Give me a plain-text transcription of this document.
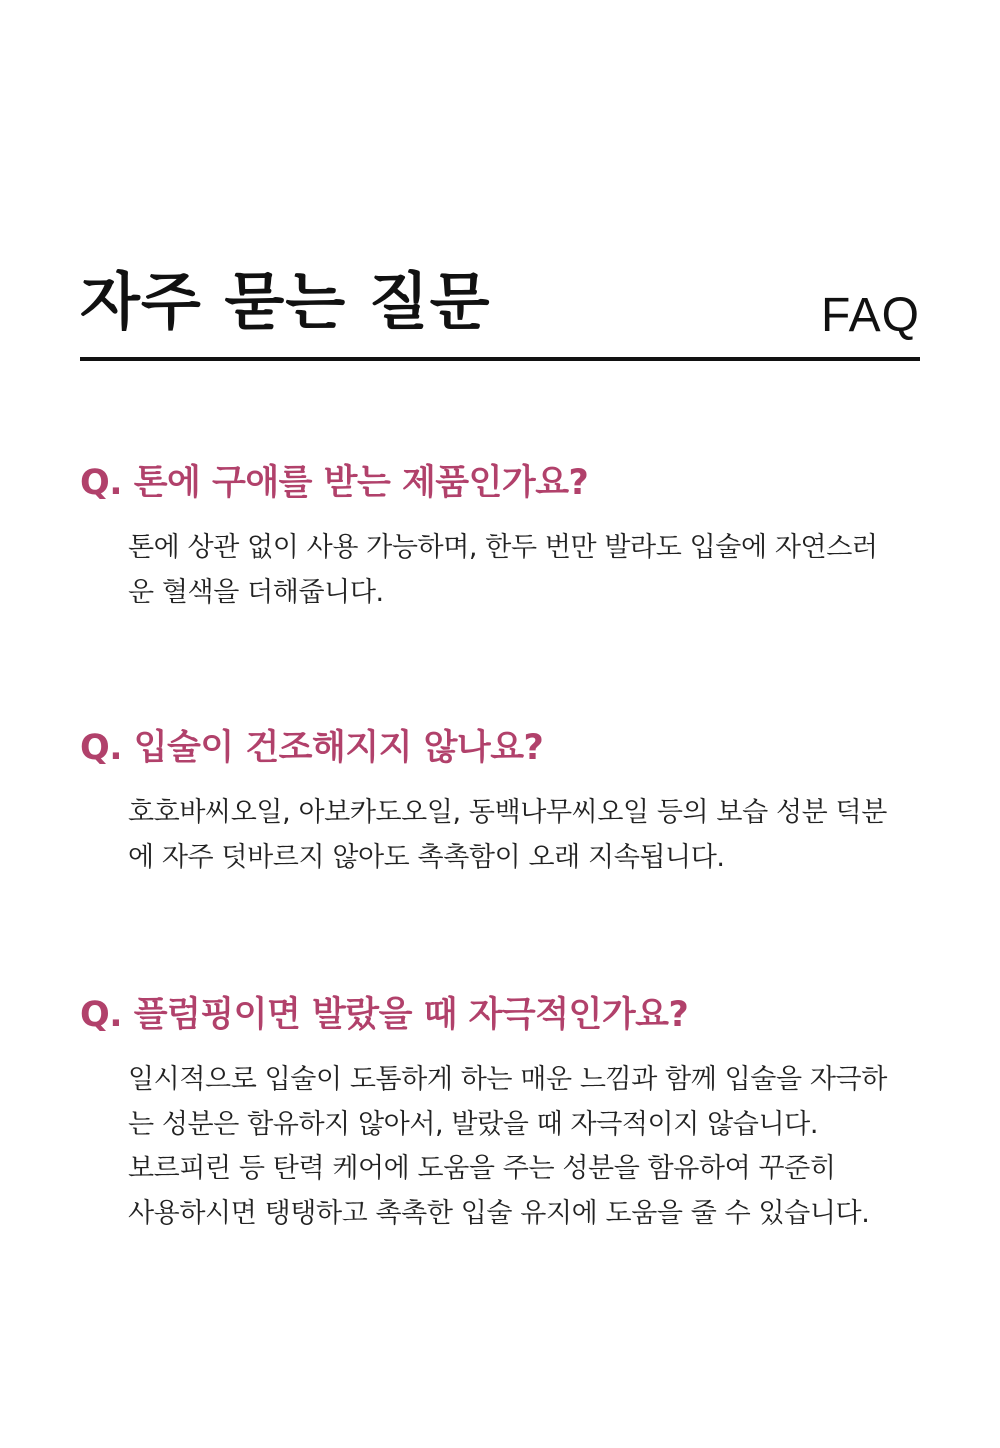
자주 묻는 질문	FAQ
Q. 톤에 구애를 받는 제품인가요?
톤에 상관 없이 사용 가능하며, 한두 번만 발라도 입술에 자연스러
운 혈색을 더해줍니다.
Q. 입술이 건조해지지 않나요?
호호바씨오일, 아보카도오일, 동백나무씨오일 등의 보습 성분 덕분
에 자주 덧바르지 않아도 촉촉함이 오래 지속됩니다.
Q. 플럼핑이면 발랐을 때 자극적인가요?
일시적으로 입술이 도톰하게 하는 매운 느낌과 함께 입술을 자극하
는 성분은 함유하지 않아서, 발랐을 때 자극적이지 않습니다.
보르피린 등 탄력 케어에 도움을 주는 성분을 함유하여 꾸준히
사용하시면 탱탱하고 촉촉한 입술 유지에 도움을 줄 수 있습니다.
